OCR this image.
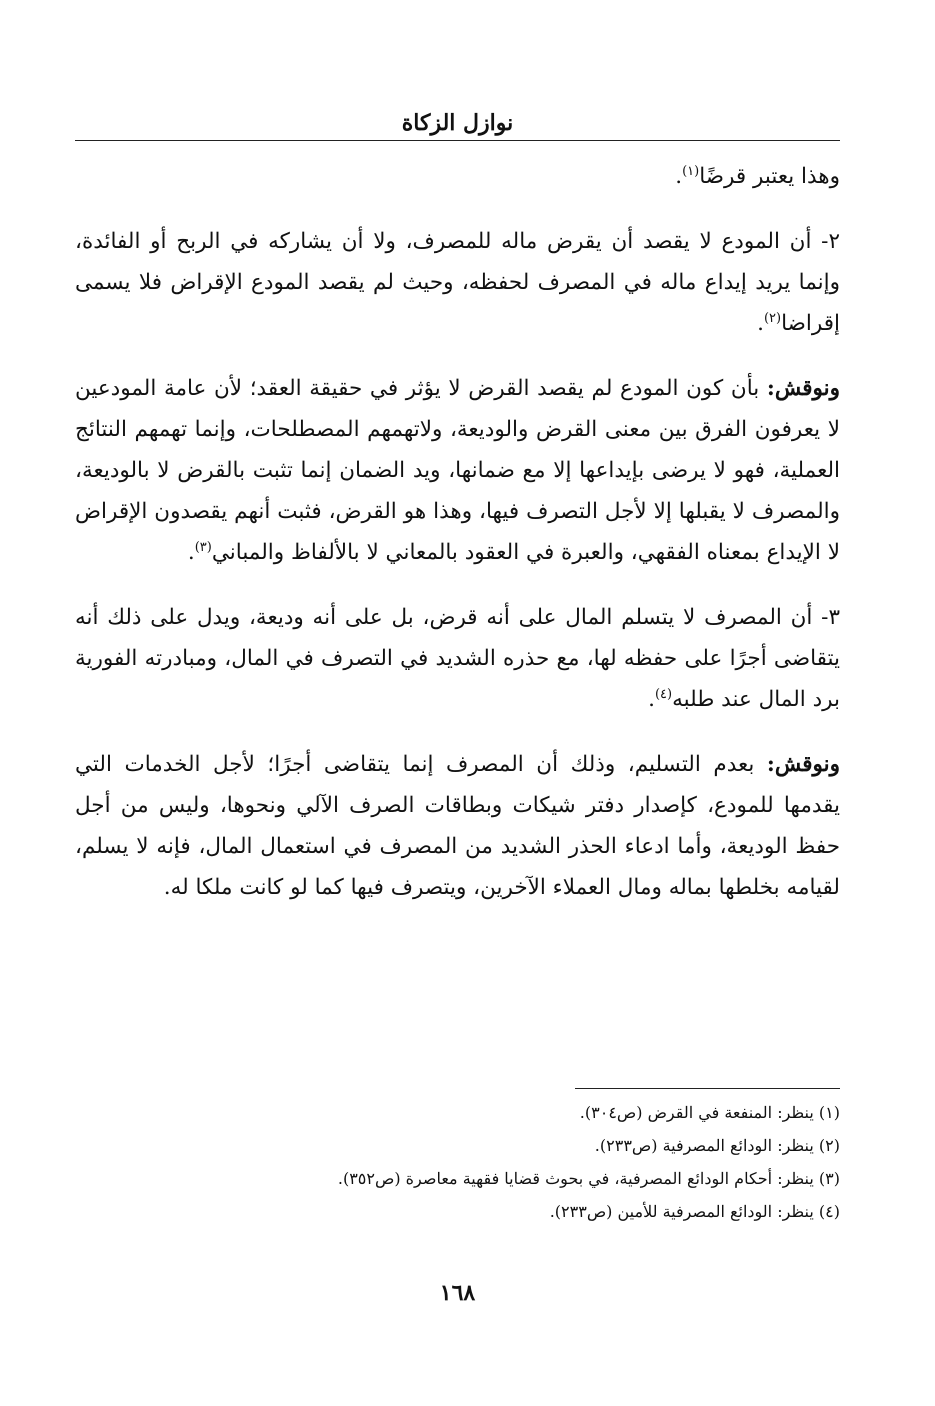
نوازل الزكاة

وهذا يعتبر قرضًا$^{(١)}$.

٢- أن المودع لا يقصد أن يقرض ماله للمصرف، ولا أن يشاركه في الربح أو الفائدة، وإنما يريد إيداع ماله في المصرف لحفظه، وحيث لم يقصد المودع الإقراض فلا يسمى إقراضا$^{(٢)}$.

ونوقش: بأن كون المودع لم يقصد القرض لا يؤثر في حقيقة العقد؛ لأن عامة المودعين لا يعرفون الفرق بين معنى القرض والوديعة، ولاتهمهم المصطلحات، وإنما تهمهم النتائج العملية، فهو لا يرضى بإيداعها إلا مع ضمانها، ويد الضمان إنما تثبت بالقرض لا بالوديعة، والمصرف لا يقبلها إلا لأجل التصرف فيها، وهذا هو القرض، فثبت أنهم يقصدون الإقراض لا الإيداع بمعناه الفقهي، والعبرة في العقود بالمعاني لا بالألفاظ والمباني$^{(٣)}$.

٣- أن المصرف لا يتسلم المال على أنه قرض، بل على أنه وديعة، ويدل على ذلك أنه يتقاضى أجرًا على حفظه لها، مع حذره الشديد في التصرف في المال، ومبادرته الفورية برد المال عند طلبه$^{(٤)}$.

ونوقش: بعدم التسليم، وذلك أن المصرف إنما يتقاضى أجرًا؛ لأجل الخدمات التي يقدمها للمودع، كإصدار دفتر شيكات وبطاقات الصرف الآلي ونحوها، وليس من أجل حفظ الوديعة، وأما ادعاء الحذر الشديد من المصرف في استعمال المال، فإنه لا يسلم، لقيامه بخلطها بماله ومال العملاء الآخرين، ويتصرف فيها كما لو كانت ملكا له.

(١) ينظر: المنفعة في القرض (ص٣٠٤).

(٢) ينظر: الودائع المصرفية (ص٢٣٣).

(٣) ينظر: أحكام الودائع المصرفية، في بحوث قضايا فقهية معاصرة (ص٣٥٢).

(٤) ينظر: الودائع المصرفية للأمين (ص٢٣٣).

١٦٨
